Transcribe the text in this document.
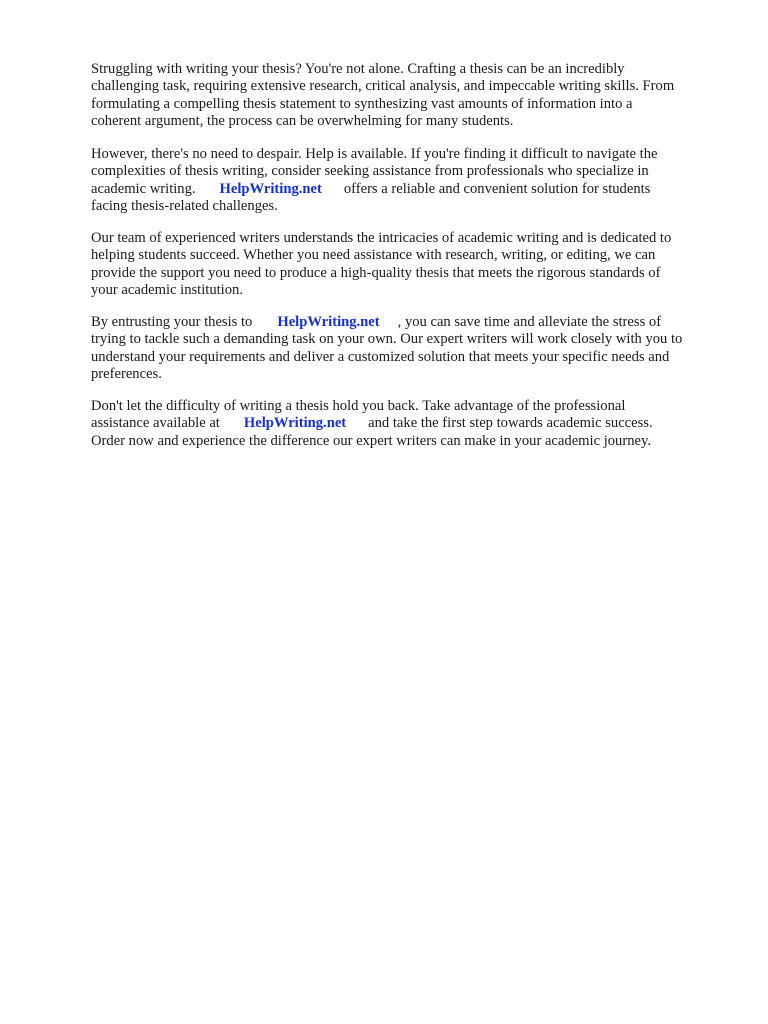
Struggling with writing your thesis? You're not alone. Crafting a thesis can be an incredibly
challenging task, requiring extensive research, critical analysis, and impeccable writing skills. From
formulating a compelling thesis statement to synthesizing vast amounts of information into a
coherent argument, the process can be overwhelming for many students.

However, there's no need to despair. Help is available. If you're finding it difficult to navigate the
complexities of thesis writing, consider seeking assistance from professionals who specialize in
academic writing. HelpWriting.net offers a reliable and convenient solution for students
facing thesis-related challenges.

Our team of experienced writers understands the intricacies of academic writing and is dedicated to
helping students succeed. Whether you need assistance with research, writing, or editing, we can
provide the support you need to produce a high-quality thesis that meets the rigorous standards of
your academic institution.

By entrusting your thesis to HelpWriting.net , you can save time and alleviate the stress of
trying to tackle such a demanding task on your own. Our expert writers will work closely with you to
understand your requirements and deliver a customized solution that meets your specific needs and
preferences.

Don't let the difficulty of writing a thesis hold you back. Take advantage of the professional
assistance available at HelpWriting.net and take the first step towards academic success.
Order now and experience the difference our expert writers can make in your academic journey.
